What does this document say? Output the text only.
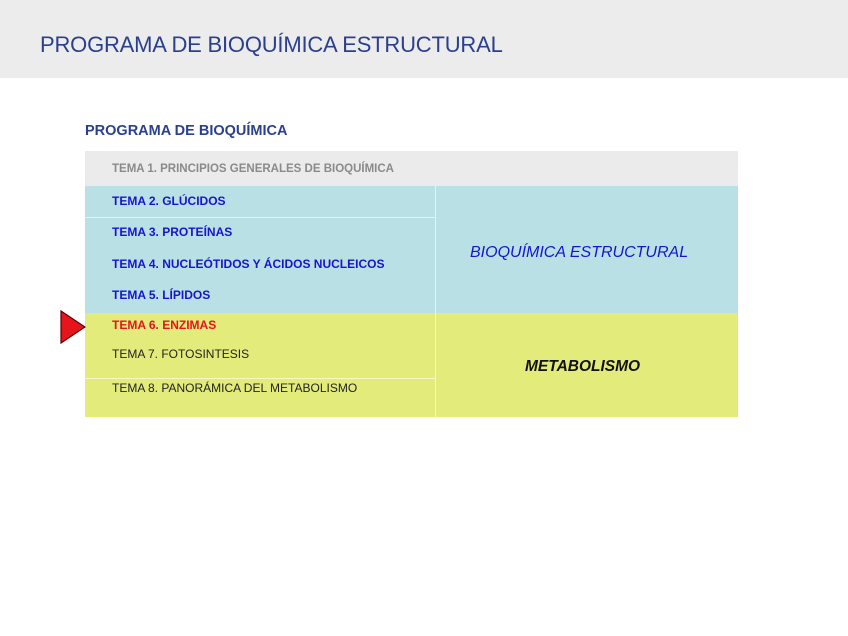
PROGRAMA DE BIOQUÍMICA ESTRUCTURAL
PROGRAMA DE BIOQUÍMICA
TEMA 1. PRINCIPIOS GENERALES DE BIOQUÍMICA
TEMA 2. GLÚCIDOS
TEMA 3. PROTEÍNAS
TEMA 4. NUCLEÓTIDOS Y ÁCIDOS NUCLEICOS
TEMA 5. LÍPIDOS
TEMA 6. ENZIMAS
TEMA 7. FOTOSINTESIS
TEMA 8. PANORÁMICA DEL METABOLISMO
BIOQUÍMICA ESTRUCTURAL
METABOLISMO
